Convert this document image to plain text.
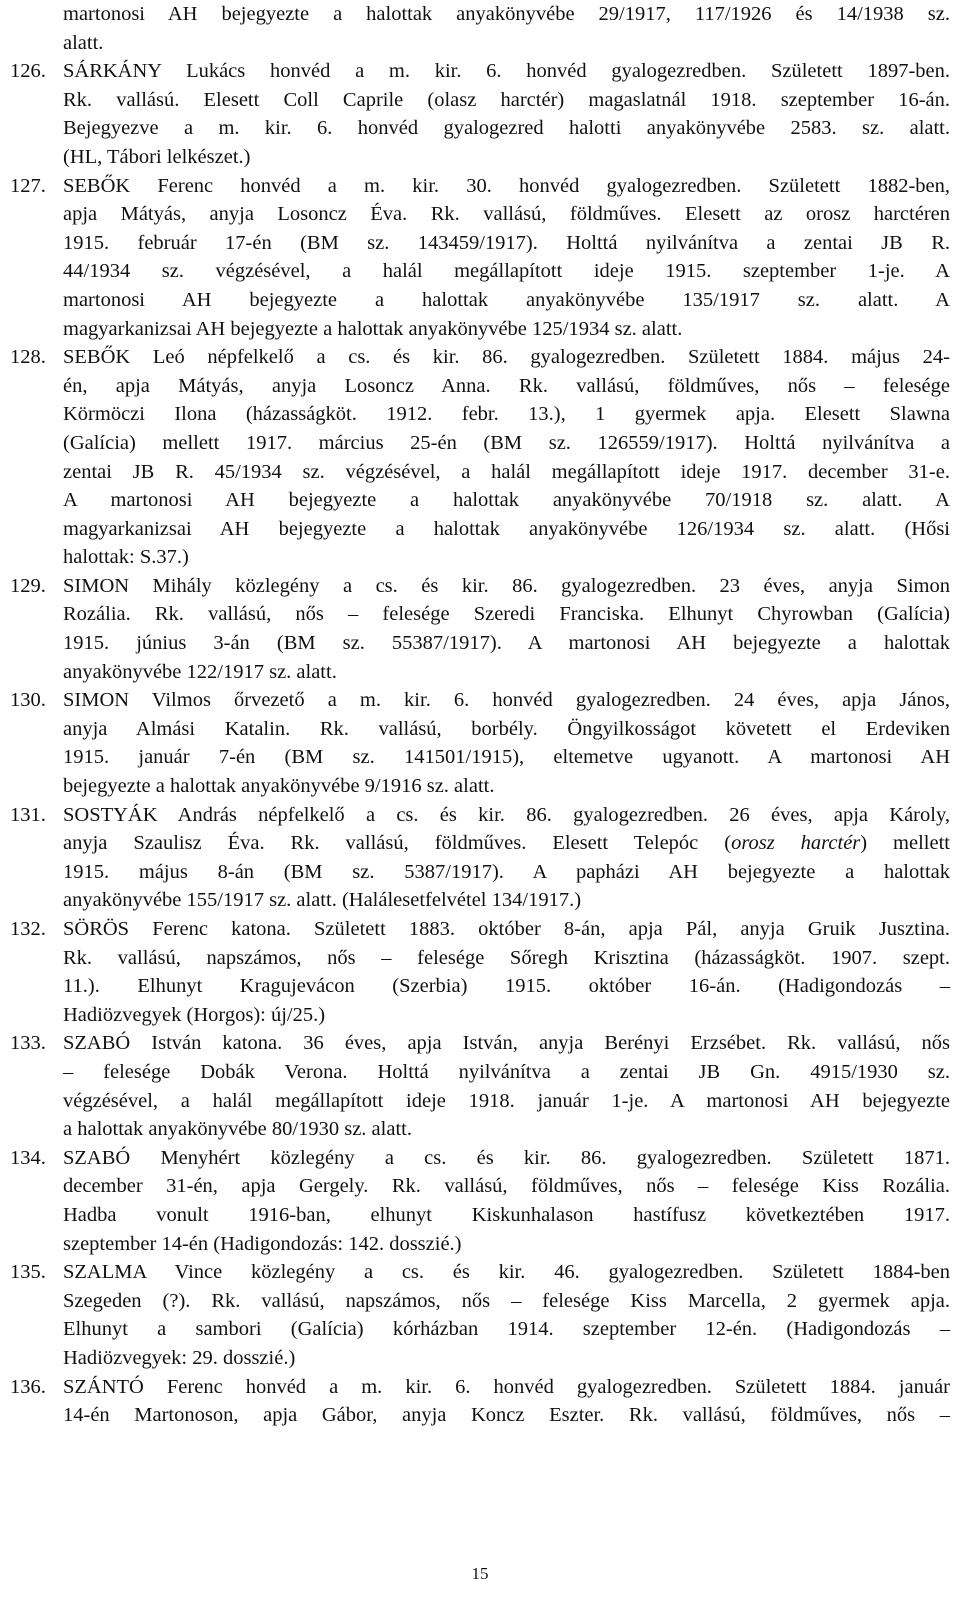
martonosi AH bejegyezte a halottak anyakönyvébe 29/1917, 117/1926 és 14/1938 sz.
alatt.
126. SÁRKÁNY Lukács honvéd a m. kir. 6. honvéd gyalogezredben. Született 1897-ben.
Rk. vallású. Elesett Coll Caprile (olasz harctér) magaslatnál 1918. szeptember 16-án.
Bejegyezve a m. kir. 6. honvéd gyalogezred halotti anyakönyvébe 2583. sz. alatt.
(HL, Tábori lelkészet.)
127. SEBŐK Ferenc honvéd a m. kir. 30. honvéd gyalogezredben. Született 1882-ben,
apja Mátyás, anyja Losoncz Éva. Rk. vallású, földműves. Elesett az orosz harctéren
1915. február 17-én (BM sz. 143459/1917). Holttá nyilvánítva a zentai JB R.
44/1934 sz. végzésével, a halál megállapított ideje 1915. szeptember 1-je. A
martonosi AH bejegyezte a halottak anyakönyvébe 135/1917 sz. alatt. A
magyarkanizsai AH bejegyezte a halottak anyakönyvébe 125/1934 sz. alatt.
128. SEBŐK Leó népfelkelő a cs. és kir. 86. gyalogezredben. Született 1884. május 24-
én, apja Mátyás, anyja Losoncz Anna. Rk. vallású, földműves, nős – felesége
Körmöczi Ilona (házasságköt. 1912. febr. 13.), 1 gyermek apja. Elesett Slawna
(Galícia) mellett 1917. március 25-én (BM sz. 126559/1917). Holttá nyilvánítva a
zentai JB R. 45/1934 sz. végzésével, a halál megállapított ideje 1917. december 31-e.
A martonosi AH bejegyezte a halottak anyakönyvébe 70/1918 sz. alatt. A
magyarkanizsai AH bejegyezte a halottak anyakönyvébe 126/1934 sz. alatt. (Hősi
halottak: S.37.)
129. SIMON Mihály közlegény a cs. és kir. 86. gyalogezredben. 23 éves, anyja Simon
Rozália. Rk. vallású, nős – felesége Szeredi Franciska. Elhunyt Chyrowban (Galícia)
1915. június 3-án (BM sz. 55387/1917). A martonosi AH bejegyezte a halottak
anyakönyvébe 122/1917 sz. alatt.
130. SIMON Vilmos őrvezető a m. kir. 6. honvéd gyalogezredben. 24 éves, apja János,
anyja Almási Katalin. Rk. vallású, borbély. Öngyilkosságot követett el Erdeviken
1915. január 7-én (BM sz. 141501/1915), eltemetve ugyanott. A martonosi AH
bejegyezte a halottak anyakönyvébe 9/1916 sz. alatt.
131. SOSTYÁK András népfelkelő a cs. és kir. 86. gyalogezredben. 26 éves, apja Károly,
anyja Szaulisz Éva. Rk. vallású, földműves. Elesett Telepóc (orosz harctér) mellett
1915. május 8-án (BM sz. 5387/1917). A papházi AH bejegyezte a halottak
anyakönyvébe 155/1917 sz. alatt. (Halálesetfelvétel 134/1917.)
132. SÖRÖS Ferenc katona. Született 1883. október 8-án, apja Pál, anyja Gruik Jusztina.
Rk. vallású, napszámos, nős – felesége Sőregh Krisztina (házasságköt. 1907. szept.
11.). Elhunyt Kragujevácon (Szerbia) 1915. október 16-án. (Hadigondozás –
Hadiözvegyek (Horgos): új/25.)
133. SZABÓ István katona. 36 éves, apja István, anyja Berényi Erzsébet. Rk. vallású, nős
– felesége Dobák Verona. Holttá nyilvánítva a zentai JB Gn. 4915/1930 sz.
végzésével, a halál megállapított ideje 1918. január 1-je. A martonosi AH bejegyezte
a halottak anyakönyvébe 80/1930 sz. alatt.
134. SZABÓ Menyhért közlegény a cs. és kir. 86. gyalogezredben. Született 1871.
december 31-én, apja Gergely. Rk. vallású, földműves, nős – felesége Kiss Rozália.
Hadba vonult 1916-ban, elhunyt Kiskunhalason hastífusz következtében 1917.
szeptember 14-én (Hadigondozás: 142. dosszié.)
135. SZALMA Vince közlegény a cs. és kir. 46. gyalogezredben. Született 1884-ben
Szegeden (?). Rk. vallású, napszámos, nős – felesége Kiss Marcella, 2 gyermek apja.
Elhunyt a sambori (Galícia) kórházban 1914. szeptember 12-én. (Hadigondozás –
Hadiözvegyek: 29. dosszié.)
136. SZÁNTÓ Ferenc honvéd a m. kir. 6. honvéd gyalogezredben. Született 1884. január
14-én Martonoson, apja Gábor, anyja Koncz Eszter. Rk. vallású, földműves, nős –
15
